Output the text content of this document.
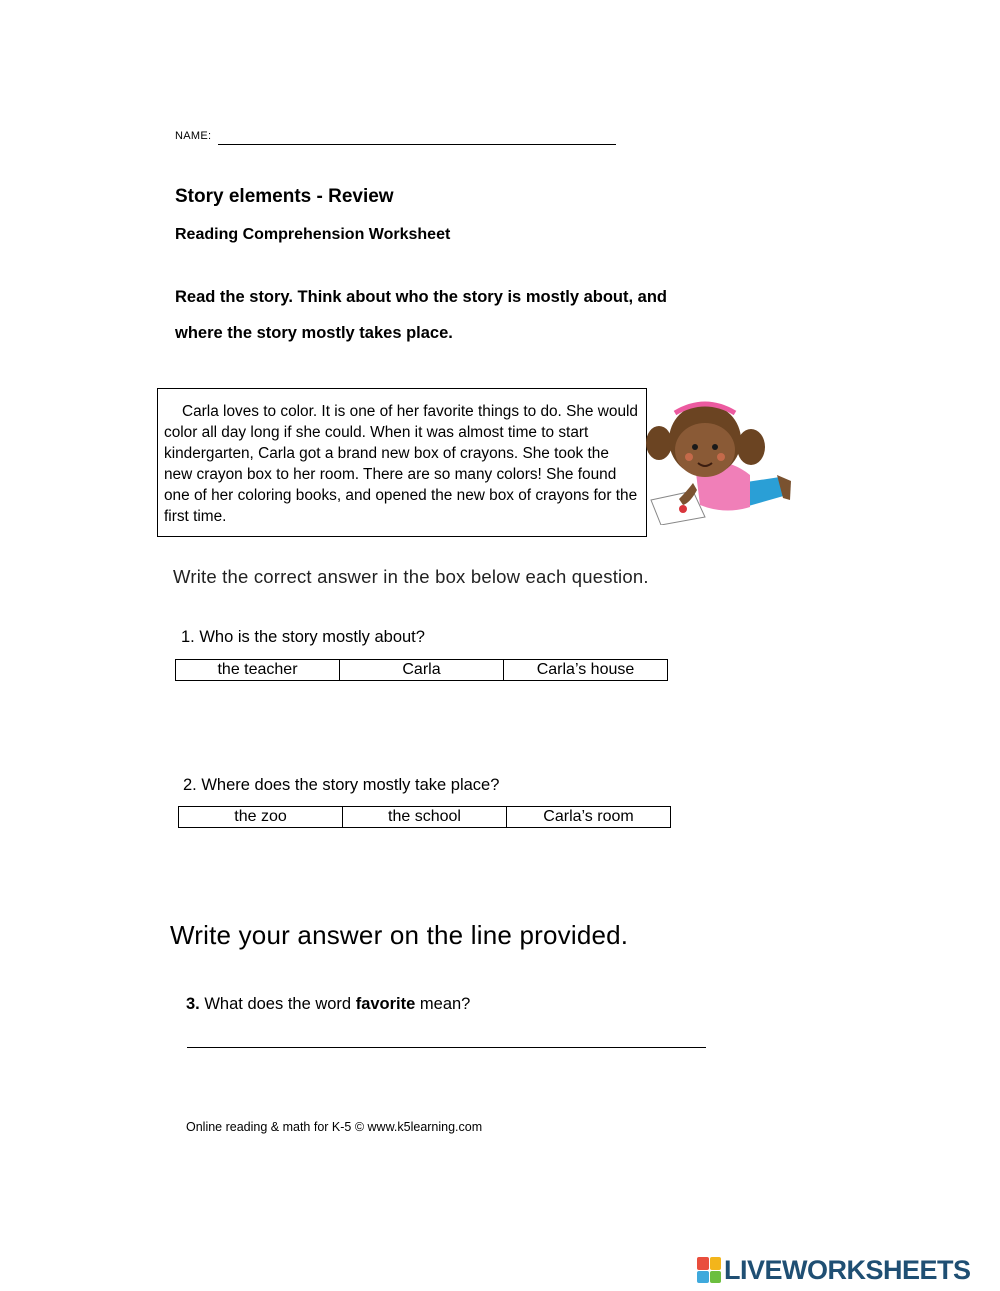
NAME:
Story elements - Review
Reading Comprehension Worksheet
Read the story. Think about who the story is mostly about, and
where the story mostly takes place.
Carla loves to color. It is one of her favorite things to do. She would color all day long if she could. When it was almost time to start kindergarten, Carla got a brand new box of crayons. She took the new crayon box to her room. There are so many colors! She found one of her coloring books, and opened the new box of crayons for the first time.
Write the correct answer in the box below each question.
1. Who is the story mostly about?
the teacher	Carla	Carla’s house
2. Where does the story mostly take place?
the zoo	the school	Carla’s room
Write your answer on the line provided.
3. What does the word favorite mean?
Online reading & math for K-5 © www.k5learning.com
LIVEWORKSHEETS
